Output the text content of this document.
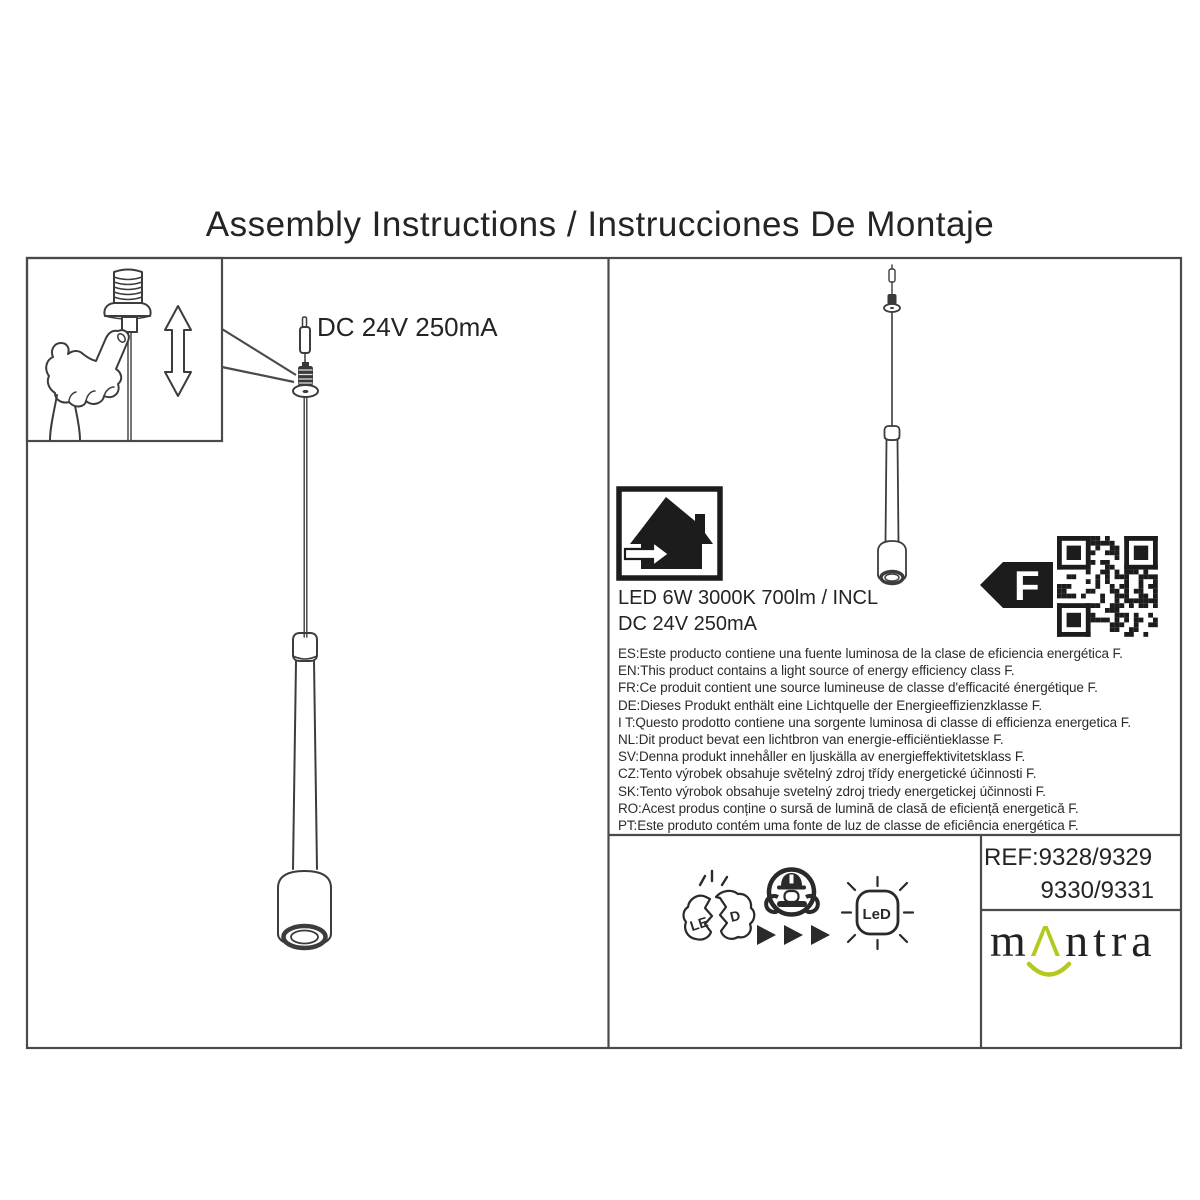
Assembly Instructions / Instrucciones De Montaje
DC 24V 250mA
LED 6W 3000K 700lm / INCL
DC 24V 250mA
ES:Este producto contiene una fuente luminosa de la clase de eficiencia energética F.
EN:This product contains a light source of energy efficiency class F.
FR:Ce produit contient une source lumineuse de classe d'efficacité énergétique F.
DE:Dieses Produkt enthält eine Lichtquelle der Energieeffizienzklasse F.
I T:Questo prodotto contiene una sorgente luminosa di classe di efficienza energetica F.
NL:Dit product bevat een lichtbron van energie-efficiëntieklasse F.
SV:Denna produkt innehåller en ljuskälla av energieffektivitetsklass F.
CZ:Tento výrobek obsahuje světelný zdroj třídy energetické účinnosti F.
SK:Tento výrobok obsahuje svetelný zdroj triedy energetickej účinnosti F.
RO:Acest produs conține o sursă de lumină de clasă de eficiență energetică F.
PT:Este produto contém uma fonte de luz de classe de eficiência energética F.
REF:9328/9329
9330/9331
mΛntra
F
LE D	LeD
